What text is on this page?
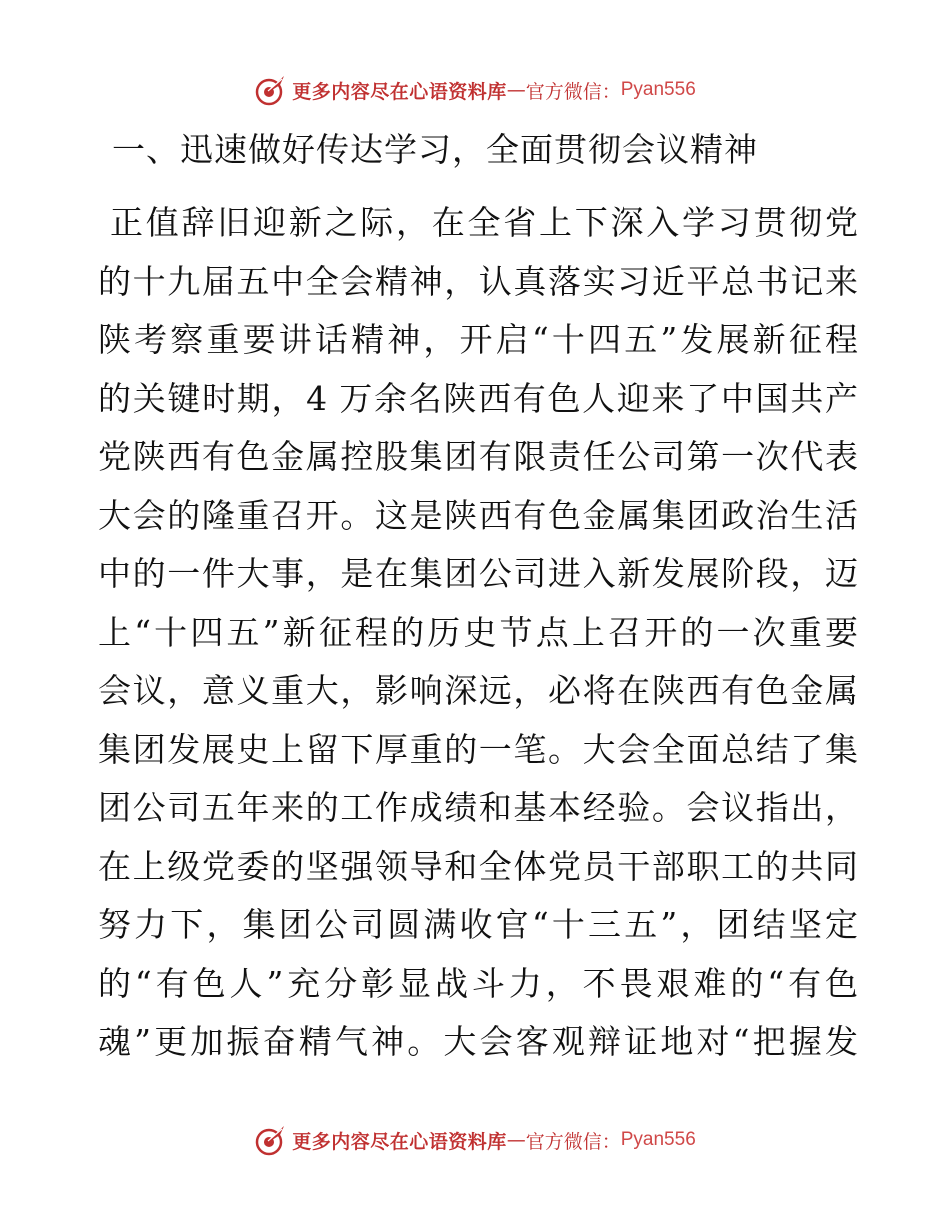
更多内容尽在心语资料库 — 官方微信： Pyan556
一、迅速做好传达学习，全面贯彻会议精神
正值辞旧迎新之际，在全省上下深入学习贯彻党
的十九届五中全会精神，认真落实习近平总书记来
陕考察重要讲话精神，开启“十四五”发展新征程
的关键时期，4 万余名陕西有色人迎来了中国共产
党陕西有色金属控股集团有限责任公司第一次代表
大会的隆重召开。这是陕西有色金属集团政治生活
中的一件大事，是在集团公司进入新发展阶段，迈
上“十四五”新征程的历史节点上召开的一次重要
会议，意义重大，影响深远，必将在陕西有色金属
集团发展史上留下厚重的一笔。大会全面总结了集
团公司五年来的工作成绩和基本经验。会议指出，
在上级党委的坚强领导和全体党员干部职工的共同
努力下，集团公司圆满收官“十三五”，团结坚定
的“有色人”充分彰显战斗力，不畏艰难的“有色
魂”更加振奋精气神。大会客观辩证地对“把握发
更多内容尽在心语资料库 — 官方微信： Pyan556
